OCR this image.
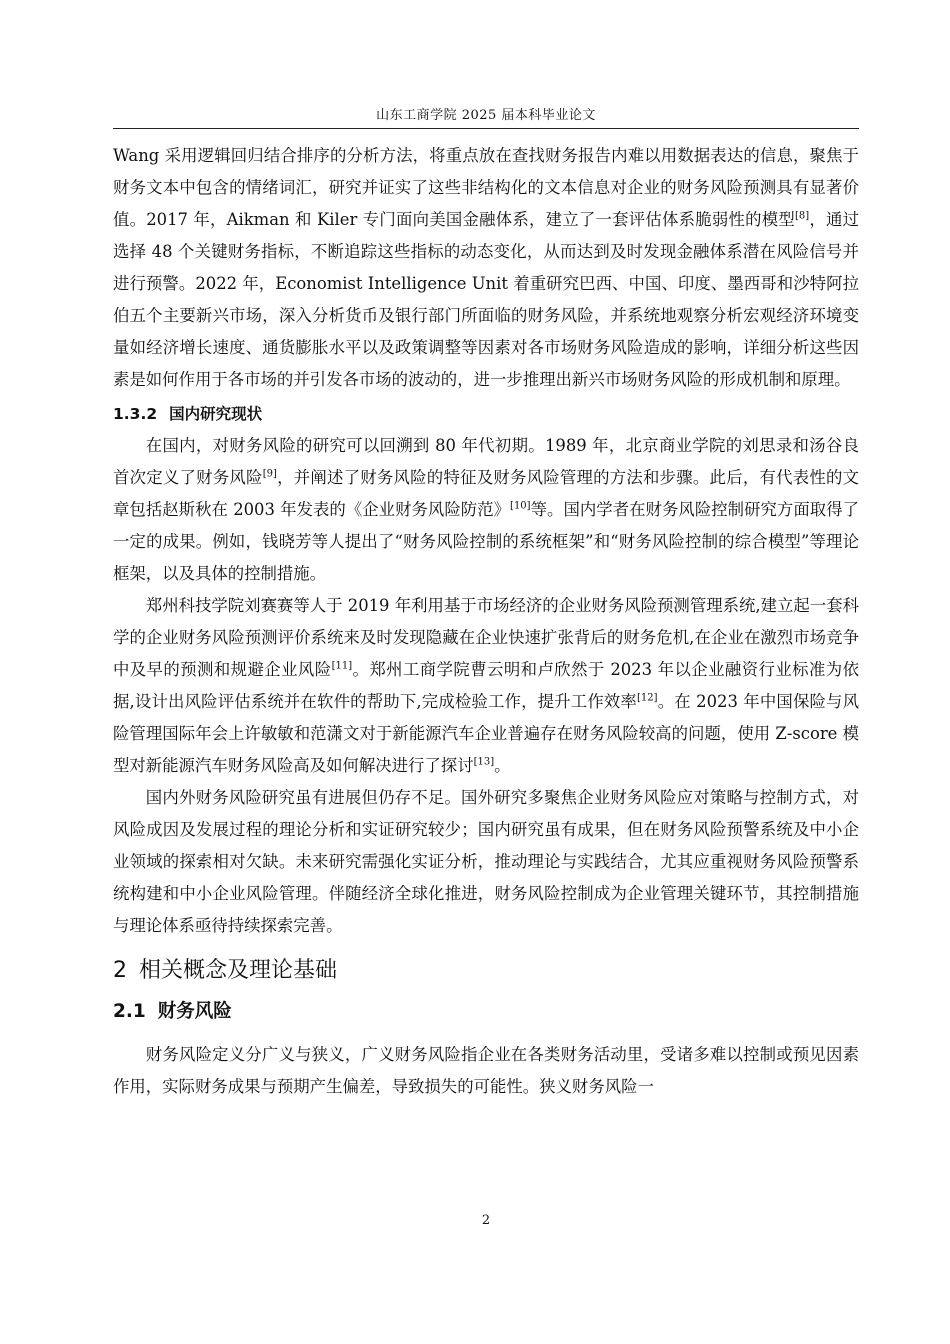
山东工商学院 2025 届本科毕业论文

Wang 采用逻辑回归结合排序的分析方法，将重点放在查找财务报告内难以用数据表达的信息，聚焦于财务文本中包含的情绪词汇，研究并证实了这些非结构化的文本信息对企业的财务风险预测具有显著价值。2017 年，Aikman 和 Kiler 专门面向美国金融体系，建立了一套评估体系脆弱性的模型[8]，通过选择 48 个关键财务指标，不断追踪这些指标的动态变化，从而达到及时发现金融体系潜在风险信号并进行预警。2022 年，Economist Intelligence Unit 着重研究巴西、中国、印度、墨西哥和沙特阿拉伯五个主要新兴市场，深入分析货币及银行部门所面临的财务风险，并系统地观察分析宏观经济环境变量如经济增长速度、通货膨胀水平以及政策调整等因素对各市场财务风险造成的影响，详细分析这些因素是如何作用于各市场的并引发各市场的波动的，进一步推理出新兴市场财务风险的形成机制和原理。

1.3.2 国内研究现状

在国内，对财务风险的研究可以回溯到 80 年代初期。1989 年，北京商业学院的刘思录和汤谷良首次定义了财务风险[9]，并阐述了财务风险的特征及财务风险管理的方法和步骤。此后，有代表性的文章包括赵斯秋在 2003 年发表的《企业财务风险防范》[10]等。国内学者在财务风险控制研究方面取得了一定的成果。例如，钱晓芳等人提出了“财务风险控制的系统框架”和“财务风险控制的综合模型”等理论框架，以及具体的控制措施。

郑州科技学院刘赛赛等人于 2019 年利用基于市场经济的企业财务风险预测管理系统,建立起一套科学的企业财务风险预测评价系统来及时发现隐藏在企业快速扩张背后的财务危机,在企业在激烈市场竞争中及早的预测和规避企业风险[11]。郑州工商学院曹云明和卢欣然于 2023 年以企业融资行业标准为依据,设计出风险评估系统并在软件的帮助下,完成检验工作，提升工作效率[12]。在 2023 年中国保险与风险管理国际年会上许敏敏和范潇文对于新能源汽车企业普遍存在财务风险较高的问题，使用 Z-score 模型对新能源汽车财务风险高及如何解决进行了探讨[13]。

国内外财务风险研究虽有进展但仍存不足。国外研究多聚焦企业财务风险应对策略与控制方式，对风险成因及发展过程的理论分析和实证研究较少；国内研究虽有成果，但在财务风险预警系统及中小企业领域的探索相对欠缺。未来研究需强化实证分析，推动理论与实践结合，尤其应重视财务风险预警系统构建和中小企业风险管理。伴随经济全球化推进，财务风险控制成为企业管理关键环节，其控制措施与理论体系亟待持续探索完善。

2 相关概念及理论基础
2.1 财务风险

财务风险定义分广义与狭义，广义财务风险指企业在各类财务活动里，受诸多难以控制或预见因素作用，实际财务成果与预期产生偏差，导致损失的可能性。狭义财务风险一

2
